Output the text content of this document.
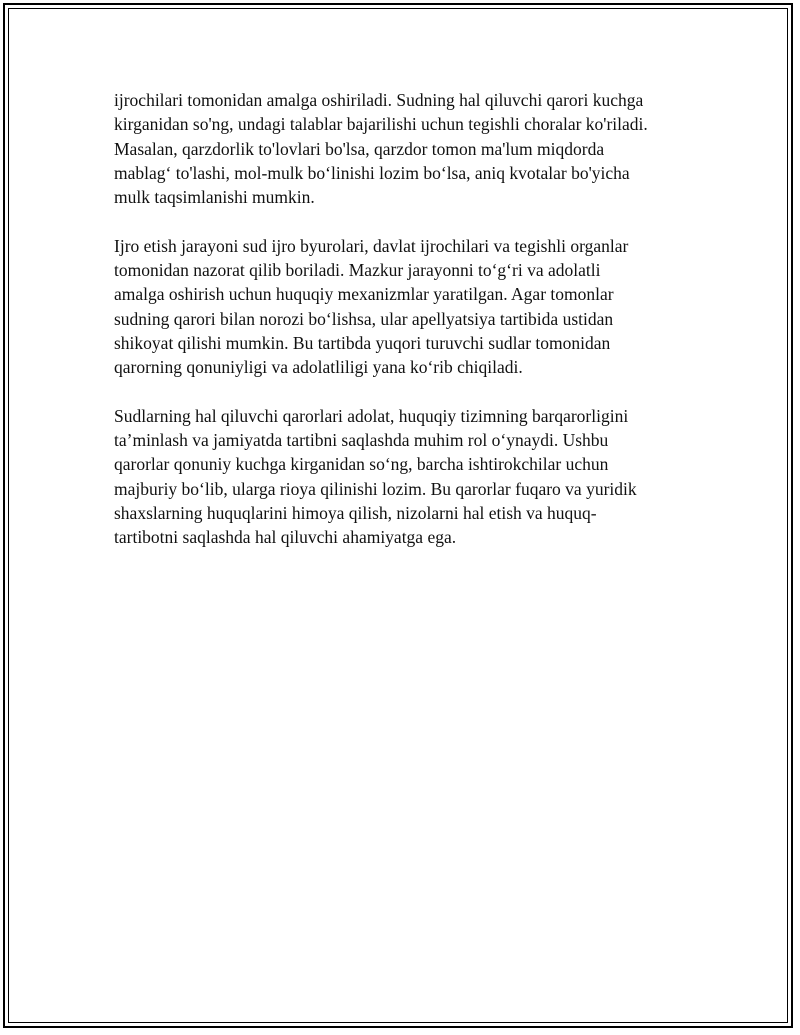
ijrochilari tomonidan amalga oshiriladi. Sudning hal qiluvchi qarori kuchga
kirganidan so'ng, undagi talablar bajarilishi uchun tegishli choralar ko'riladi.
Masalan, qarzdorlik to'lovlari bo'lsa, qarzdor tomon ma'lum miqdorda
mablag‘ to'lashi, mol-mulk bo‘linishi lozim bo‘lsa, aniq kvotalar bo'yicha
mulk taqsimlanishi mumkin.

Ijro etish jarayoni sud ijro byurolari, davlat ijrochilari va tegishli organlar
tomonidan nazorat qilib boriladi. Mazkur jarayonni to‘g‘ri va adolatli
amalga oshirish uchun huquqiy mexanizmlar yaratilgan. Agar tomonlar
sudning qarori bilan norozi bo‘lishsa, ular apellyatsiya tartibida ustidan
shikoyat qilishi mumkin. Bu tartibda yuqori turuvchi sudlar tomonidan
qarorning qonuniyligi va adolatliligi yana ko‘rib chiqiladi.

Sudlarning hal qiluvchi qarorlari adolat, huquqiy tizimning barqarorligini
ta’minlash va jamiyatda tartibni saqlashda muhim rol o‘ynaydi. Ushbu
qarorlar qonuniy kuchga kirganidan so‘ng, barcha ishtirokchilar uchun
majburiy bo‘lib, ularga rioya qilinishi lozim. Bu qarorlar fuqaro va yuridik
shaxslarning huquqlarini himoya qilish, nizolarni hal etish va huquq-
tartibotni saqlashda hal qiluvchi ahamiyatga ega.
